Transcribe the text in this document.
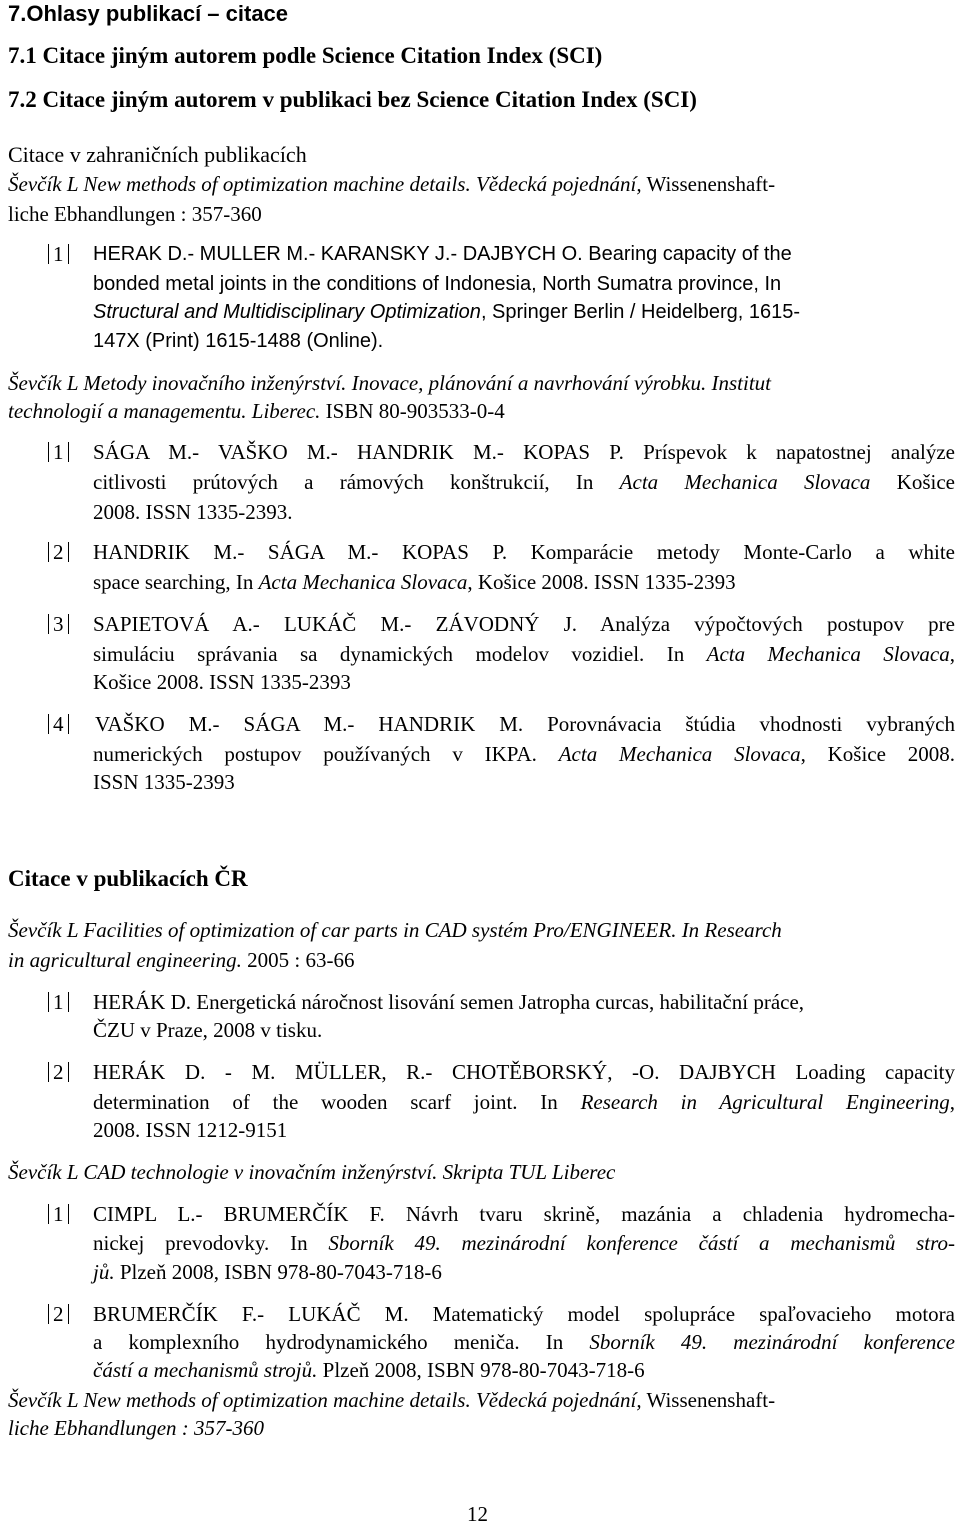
7.Ohlasy publikací – citace
7.1 Citace jiným autorem podle Science Citation Index (SCI)
7.2 Citace jiným autorem v publikaci bez Science Citation Index (SCI)
Citace v zahraničních publikacích
Ševčík L New methods of optimization machine details. Vědecká pojednání, Wissenenshaft-
liche Ebhandlungen : 357-360
1	HERAK D.- MULLER M.- KARANSKY J.- DAJBYCH O. Bearing capacity of the
bonded metal joints in the conditions of Indonesia, North Sumatra province, In
Structural and Multidisciplinary Optimization, Springer Berlin / Heidelberg, 1615-
147X (Print) 1615-1488 (Online).
Ševčík L Metody inovačního inženýrství. Inovace, plánování a navrhování výrobku. Institut
technologií a managementu. Liberec. ISBN 80-903533-0-4
1	SÁGA M.- VAŠKO M.- HANDRIK M.- KOPAS P. Príspevok k napatostnej analýze
citlivosti prútových a rámových konštrukcií, In Acta Mechanica Slovaca Košice
2008. ISSN 1335-2393.
2	HANDRIK M.- SÁGA M.- KOPAS P. Komparácie metody Monte-Carlo a white
space searching, In Acta Mechanica Slovaca, Košice 2008. ISSN 1335-2393
3	SAPIETOVÁ A.- LUKÁČ M.- ZÁVODNÝ J. Analýza výpočtových postupov pre
simuláciu správania sa dynamických modelov vozidiel. In Acta Mechanica Slovaca,
Košice 2008. ISSN 1335-2393
4	VAŠKO M.- SÁGA M.- HANDRIK M. Porovnávacia štúdia vhodnosti vybraných
numerických postupov používaných v IKPA. Acta Mechanica Slovaca, Košice 2008.
ISSN 1335-2393
Citace v publikacích ČR
Ševčík L Facilities of optimization of car parts in CAD systém Pro/ENGINEER. In Research
in agricultural engineering. 2005 : 63-66
1	HERÁK D. Energetická náročnost lisování semen Jatropha curcas, habilitační práce,
ČZU v Praze, 2008 v tisku.
2	HERÁK D. - M. MÜLLER, R.- CHOTĚBORSKÝ, -O. DAJBYCH Loading capacity
determination of the wooden scarf joint. In Research in Agricultural Engineering,
2008. ISSN 1212-9151
Ševčík L CAD technologie v inovačním inženýrství. Skripta TUL Liberec
1	CIMPL L.- BRUMERČÍK F. Návrh tvaru skrině, mazánia a chladenia hydromecha-
nickej prevodovky. In Sborník 49. mezinárodní konference částí a mechanismů stro-
jů. Plzeň 2008, ISBN 978-80-7043-718-6
2	BRUMERČÍK F.- LUKÁČ M. Matematický model spolupráce spaľovacieho motora
a komplexního hydrodynamického meniča. In Sborník 49. mezinárodní konference
částí a mechanismů strojů. Plzeň 2008, ISBN 978-80-7043-718-6
Ševčík L New methods of optimization machine details. Vědecká pojednání, Wissenenshaft-
liche Ebhandlungen : 357-360
12
